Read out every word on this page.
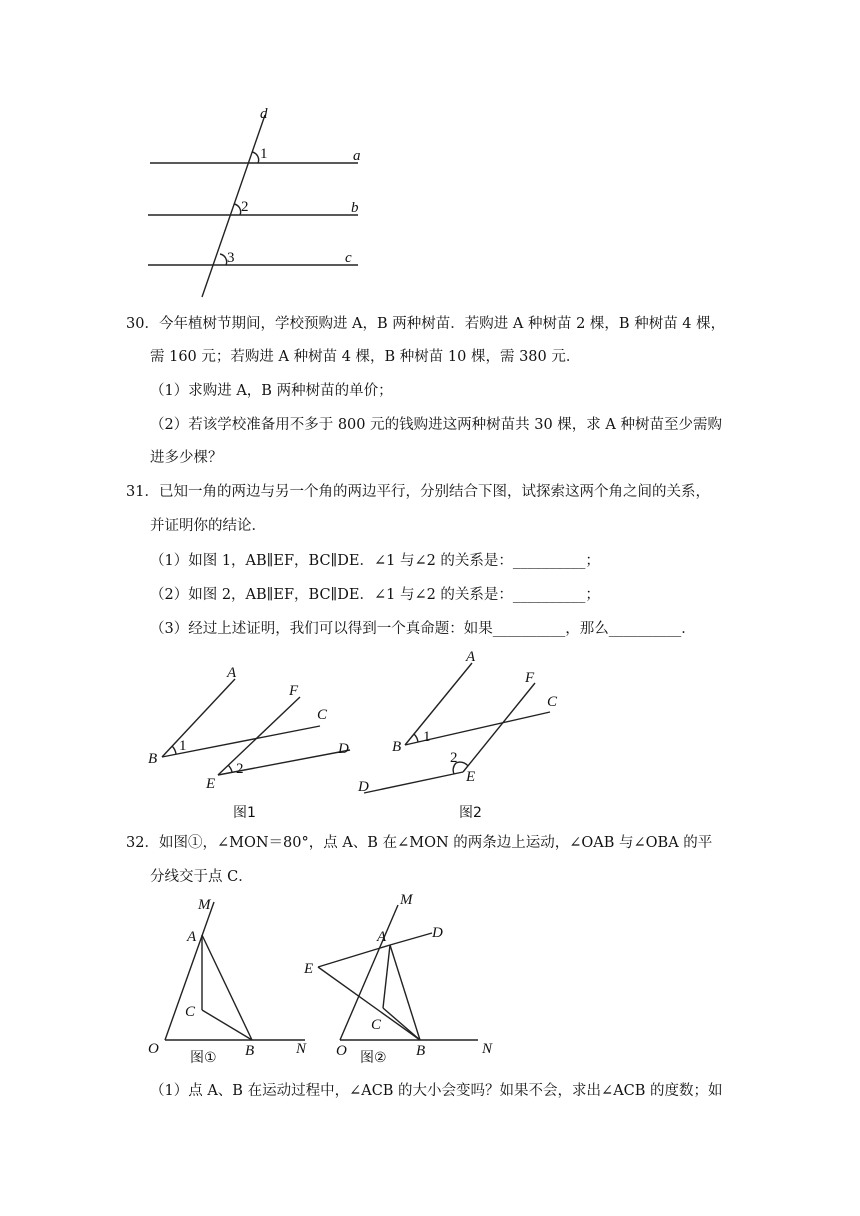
d
a
b
c
1
2
3
30．今年植树节期间，学校预购进 A，B 两种树苗．若购进 A 种树苗 2 棵，B 种树苗 4 棵，
需 160 元；若购进 A 种树苗 4 棵，B 种树苗 10 棵，需 380 元．
（1）求购进 A，B 两种树苗的单价；
（2）若该学校准备用不多于 800 元的钱购进这两种树苗共 30 棵，求 A 种树苗至少需购
进多少棵？
31．已知一角的两边与另一个角的两边平行，分别结合下图，试探索这两个角之间的关系，
并证明你的结论．
（1）如图 1，AB∥EF，BC∥DE．∠1 与∠2 的关系是：__________；
（2）如图 2，AB∥EF，BC∥DE．∠1 与∠2 的关系是：__________；
（3）经过上述证明，我们可以得到一个真命题：如果__________，那么__________．
A
F
C
D
B
E
1
2
图1
A
F
C
B
E
D
1
2
图2
32．如图①，∠MON＝80°，点 A、B 在∠MON 的两条边上运动，∠OAB 与∠OBA 的平
分线交于点 C．
M
A
C
O	B	N
图①
M
A	D
E
C
O	B	N
图②
（1）点 A、B 在运动过程中，∠ACB 的大小会变吗？如果不会，求出∠ACB 的度数；如
